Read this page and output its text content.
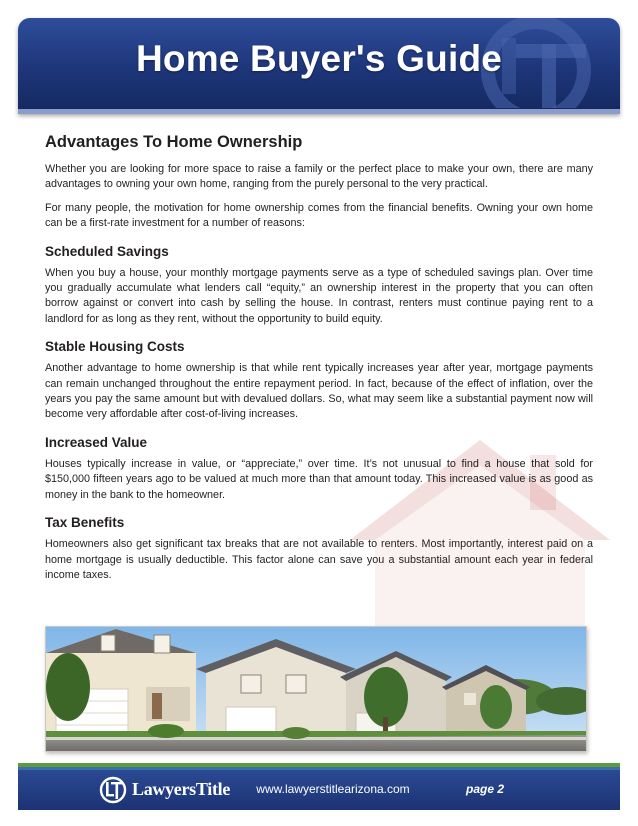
Home Buyer's Guide
Advantages To Home Ownership

Whether you are looking for more space to raise a family or the perfect place to make your own, there are many advantages to owning your own home, ranging from the purely personal to the very practical.

For many people, the motivation for home ownership comes from the financial benefits. Owning your own home can be a first-rate investment for a number of reasons:

Scheduled Savings

When you buy a house, your monthly mortgage payments serve as a type of scheduled savings plan. Over time you gradually accumulate what lenders call “equity,” an ownership interest in the property that you can often borrow against or convert into cash by selling the house. In contrast, renters must continue paying rent to a landlord for as long as they rent, without the opportunity to build equity.

Stable Housing Costs

Another advantage to home ownership is that while rent typically increases year after year, mortgage payments can remain unchanged throughout the entire repayment period. In fact, because of the effect of inflation, over the years you pay the same amount but with devalued dollars. So, what may seem like a substantial payment now will become very affordable after cost-of-living increases.

Increased Value

Houses typically increase in value, or “appreciate,” over time. It’s not unusual to find a house that sold for $150,000 fifteen years ago to be valued at much more than that amount today. This increased value is as good as money in the bank to the homeowner.

Tax Benefits

Homeowners also get significant tax breaks that are not available to renters. Most importantly, interest paid on a home mortgage is usually deductible. This factor alone can save you a substantial amount each year in federal income taxes.

LawyersTitle	www.lawyerstitlearizona.com	page 2
